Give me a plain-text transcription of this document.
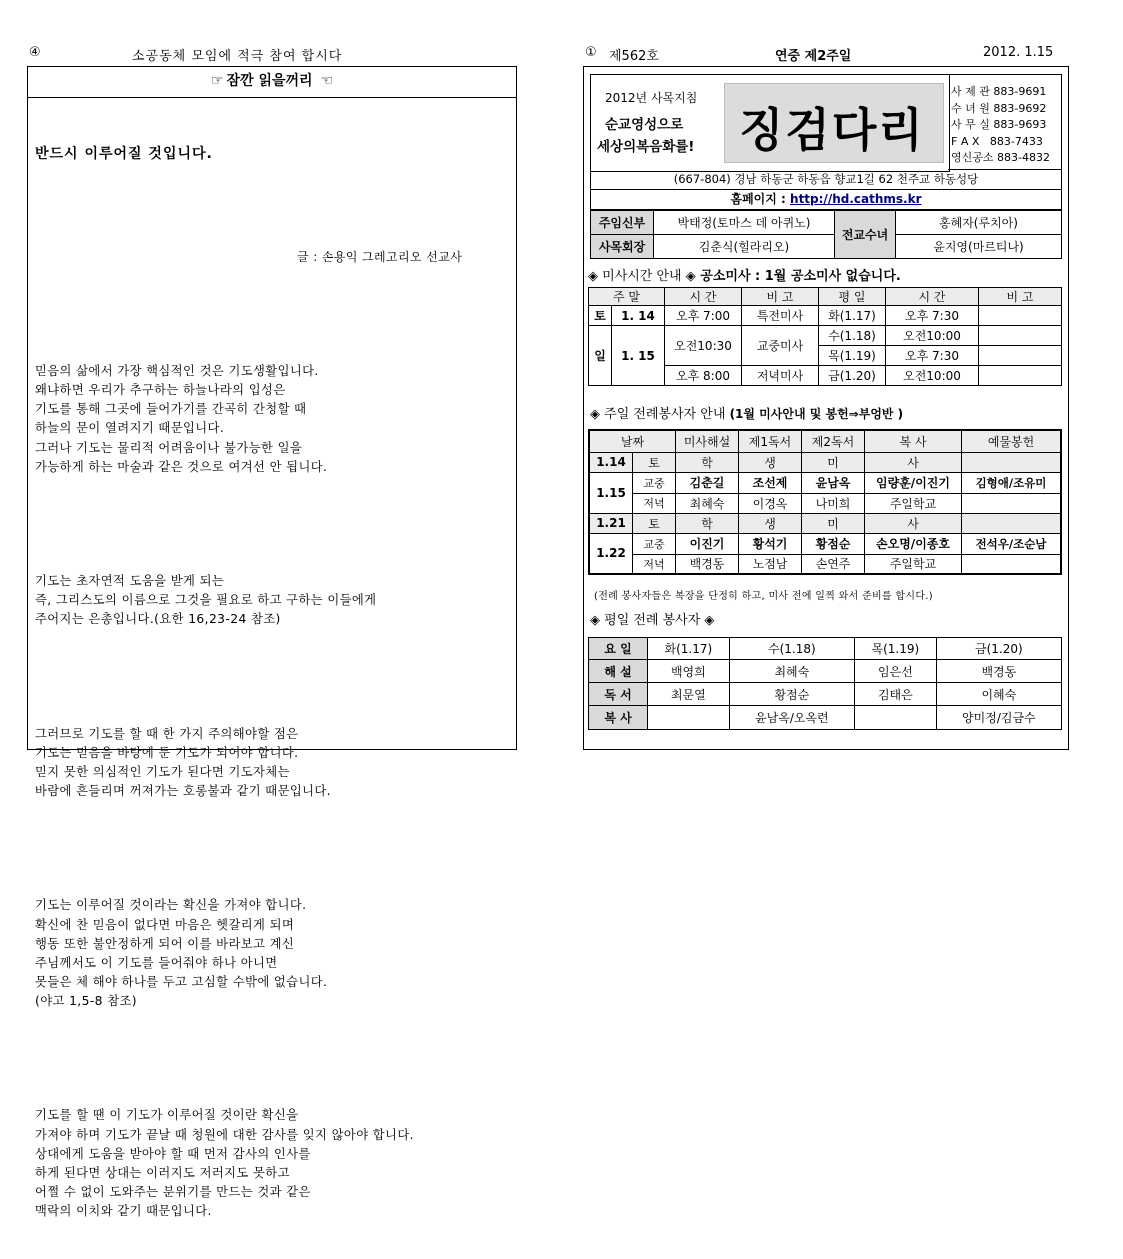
④	소공동체 모임에 적극 참여 합시다
☞ 잠깐 읽을꺼리 ☜

반드시 이루어질 것입니다.

글 : 손용익 그레고리오 선교사

믿음의 삶에서 가장 핵심적인 것은 기도생활입니다.
왜냐하면 우리가 추구하는 하늘나라의 입성은
기도를 통해 그곳에 들어가기를 간곡히 간청할 때
하늘의 문이 열려지기 때문입니다.
그러나 기도는 물리적 어려움이나 불가능한 일을
가능하게 하는 마술과 같은 것으로 여겨선 안 됩니다.

기도는 초자연적 도움을 받게 되는
즉, 그리스도의 이름으로 그것을 필요로 하고 구하는 이들에게
주어지는 은총입니다.(요한 16,23-24 참조)

그러므로 기도를 할 때 한 가지 주의해야할 점은
기도는 믿음을 바탕에 둔 기도가 되어야 합니다.
믿지 못한 의심적인 기도가 된다면 기도자체는
바람에 흔들리며 꺼져가는 호롱불과 같기 때문입니다.

기도는 이루어질 것이라는 확신을 가져야 합니다.
확신에 찬 믿음이 없다면 마음은 헷갈리게 되며
행동 또한 불안정하게 되어 이를 바라보고 계신
주님께서도 이 기도를 들어줘야 하나 아니면
못들은 체 해야 하나를 두고 고심할 수밖에 없습니다.
(야고 1,5-8 참조)

기도를 할 땐 이 기도가 이루어질 것이란 확신을
가져야 하며 기도가 끝날 때 청원에 대한 감사를 잊지 않아야 합니다.
상대에게 도움을 받아야 할 때 먼저 감사의 인사를
하게 된다면 상대는 이러지도 저러지도 못하고
어쩔 수 없이 도와주는 분위기를 만드는 것과 같은
맥락의 이치와 같기 때문입니다.

① 제562호	연중 제2주일	2012. 1.15
2012년 사목지침
순교영성으로
세상의복음화를! 징검다리
사 제 관 883-9691
수 녀 원 883-9692
사 무 실 883-9693
F A X 883-7433
영신공소 883-4832
(667-804) 경남 하동군 하동읍 향교1길 62 천주교 하동성당
홈페이지 : http://hd.cathms.kr
주임신부	박태정(토마스 데 아퀴노)	전교수녀	홍혜자(루치아)
사목회장	김춘식(힐라리오)		윤지영(마르티나)
◈ 미사시간 안내 ◈ 공소미사 : 1월 공소미사 없습니다.
주 말		시 간	비 고	평 일	시 간	비 고
토	1. 14	오후 7:00	특전미사	화(1.17)	오후 7:30	
일	1. 15	오전10:30	교중미사	수(1.18)	오전10:00	
				목(1.19)	오후 7:30	
		오후 8:00	저녁미사	금(1.20)	오전10:00	
◈ 주일 전례봉사자 안내 (1월 미사안내 및 봉헌⇒부엉반 )
날짜		미사해설	제1독서	제2독서	복 사	예물봉헌
1.14	토	학	생	미	사	
1.15	교중	김춘길	조선제	윤남옥	임량훈/이진기	김형애/조유미
	저녁	최혜숙	이경옥	나미희	주일학교	
1.21	토	학	생	미	사	
1.22	교중	이진기	황석기	황점순	손오명/이종호	전석우/조순남
	저녁	백경동	노점남	손연주	주일학교	
(전례 봉사자들은 복장을 단정히 하고, 미사 전에 일찍 와서 준비를 합시다.)
◈ 평일 전례 봉사자 ◈
요 일	화(1.17)	수(1.18)	목(1.19)	금(1.20)
해 설	백영희	최혜숙	임은선	백경동
독 서	최문열	황점순	김태은	이혜숙
복 사		윤남옥/오옥련		양미정/김금수
